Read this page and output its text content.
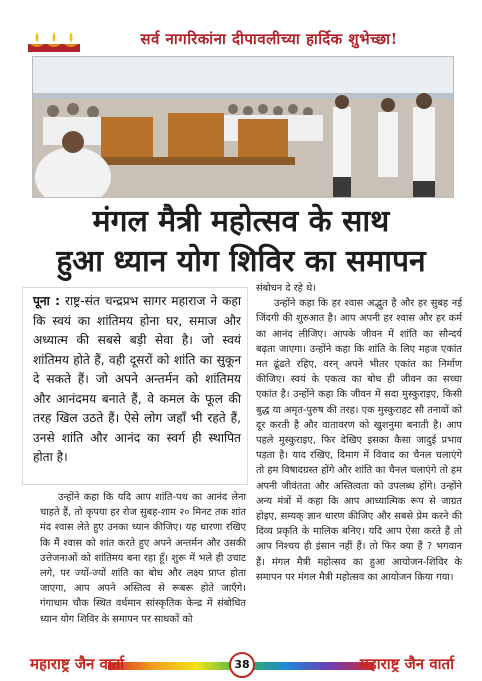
सर्व नागरिकांना दीपावलीच्या हार्दिक शुभेच्छा!
मंगल मैत्री महोत्सव के साथ
हुआ ध्यान योग शिविर का समापन
पूना : राष्ट्र-संत चन्द्रप्रभ सागर महाराज ने कहा कि स्वयं का शांतिमय होना घर, समाज और अध्यात्म की सबसे बड़ी सेवा है। जो स्वयं शांतिमय होते हैं, वही दूसरों को शांति का सुकून दे सकते हैं। जो अपने अन्तर्मन को शांतिमय और आनंदमय बनाते हैं, वे कमल के फूल की तरह खिल उठते हैं। ऐसे लोग जहाँ भी रहते हैं, उनसे शांति और आनंद का स्वर्ग ही स्थापित होता है।

उन्होंने कहा कि यदि आप शांति-पथ का आनंद लेना चाहते हैं, तो कृपया हर रोज सुबह-शाम २० मिनट तक शांत मंद श्वास लेते हुए उनका ध्यान कीजिए। यह धारणा रखिए कि मैं श्वास को शांत करते हुए अपने अन्तर्मन और उसकी उत्तेजनाओं को शांतिमय बना रहा हूँ। शुरू में भले ही उचाट लगे, पर ज्यों-ज्यों शांति का बोध और लक्ष्य प्राप्त होता जाएगा, आप अपने अस्तित्व से रूबरू होते जाएँगे। गंगाधाम चौक स्थित वर्धमान सांस्कृतिक केन्द्र में संबोधित ध्यान योग शिविर के समापन पर साधकों को

संबोधन दे रहे थे।

उन्होंने कहा कि हर श्वास अद्भुत है और हर सुबह नई जिंदगी की शुरुआत है। आप अपनी हर श्वास और हर कर्म का आनंद लीजिए। आपके जीवन में शांति का सौन्दर्य बढ़ता जाएगा। उन्होंने कहा कि शांति के लिए महज एकांत मत ढूंढते रहिए, वरन् अपने भीतर एकांत का निर्माण कीजिए। स्वयं के एकत्व का बोध ही जीवन का सच्चा एकांत है। उन्होंने कहा कि जीवन में सदा मुस्कुराइए, किसी बुद्ध या अमृत-पुरुष की तरह। एक मुस्कुराहट सौ तनावों को दूर करती है और वातावरण को खुशनुमा बनाती है। आप पहले मुस्कुराइए, फिर देखिए इसका कैसा जादुई प्रभाव पड़ता है। याद रखिए, दिमाग में विवाद का चैनल चलाएंगे तो हम विषादग्रस्त होंगे और शांति का चैनल चलाएंगे तो हम अपनी जीवंतता और अस्तित्वता को उपलब्ध होंगे। उन्होंने अन्य मंत्रों में कहा कि आप आध्यात्मिक रूप से जाग्रत होइए, सम्यक् ज्ञान धारण कीजिए और सबसे प्रेम करने की दिव्य प्रकृति के मालिक बनिए। यदि आप ऐसा करते हैं तो आप निश्चय ही इंसान नहीं हैं। तो फिर क्या हैं ? भगवान हैं। मंगल मैत्री महोत्सव का हुआ आयोजन-शिविर के समापन पर मंगल मैत्री महोत्सव का आयोजन किया गया।

महाराष्ट्र जैन वार्ता	38	महाराष्ट्र जैन वार्ता
